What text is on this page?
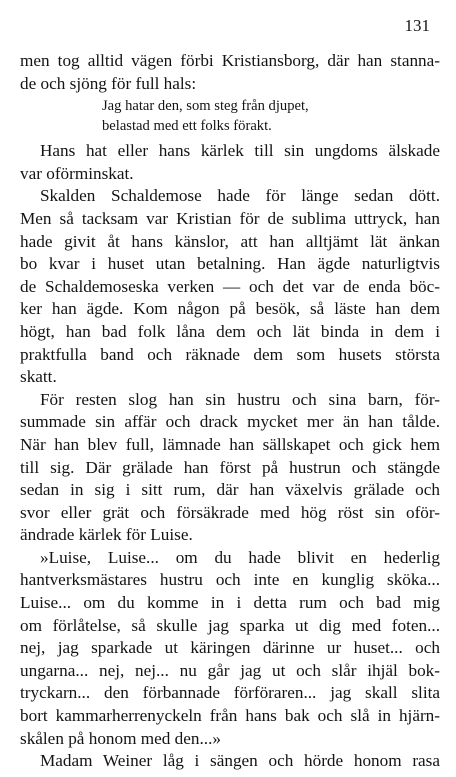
131
men tog alltid vägen förbi Kristiansborg, där han stanna-
de och sjöng för full hals:
Jag hatar den, som steg från djupet,
belastad med ett folks förakt.
Hans hat eller hans kärlek till sin ungdoms älskade
var oförminskat.
Skalden Schaldemose hade för länge sedan dött.
Men så tacksam var Kristian för de sublima uttryck, han
hade givit åt hans känslor, att han alltjämt lät änkan
bo kvar i huset utan betalning. Han ägde naturligtvis
de Schaldemoseska verken — och det var de enda böc-
ker han ägde. Kom någon på besök, så läste han dem
högt, han bad folk låna dem och lät binda in dem i
praktfulla band och räknade dem som husets största
skatt.
För resten slog han sin hustru och sina barn, för-
summade sin affär och drack mycket mer än han tålde.
När han blev full, lämnade han sällskapet och gick hem
till sig. Där grälade han först på hustrun och stängde
sedan in sig i sitt rum, där han växelvis grälade och
svor eller grät och försäkrade med hög röst sin oför-
ändrade kärlek för Luise.
»Luise, Luise... om du hade blivit en hederlig
hantverksmästares hustru och inte en kunglig sköka...
Luise... om du komme in i detta rum och bad mig
om förlåtelse, så skulle jag sparka ut dig med foten...
nej, jag sparkade ut käringen därinne ur huset... och
ungarna... nej, nej... nu går jag ut och slår ihjäl bok-
tryckarn... den förbannade förföraren... jag skall slita
bort kammarherrenyckeln från hans bak och slå in hjärn-
skålen på honom med den...»
Madam Weiner låg i sängen och hörde honom rasa
